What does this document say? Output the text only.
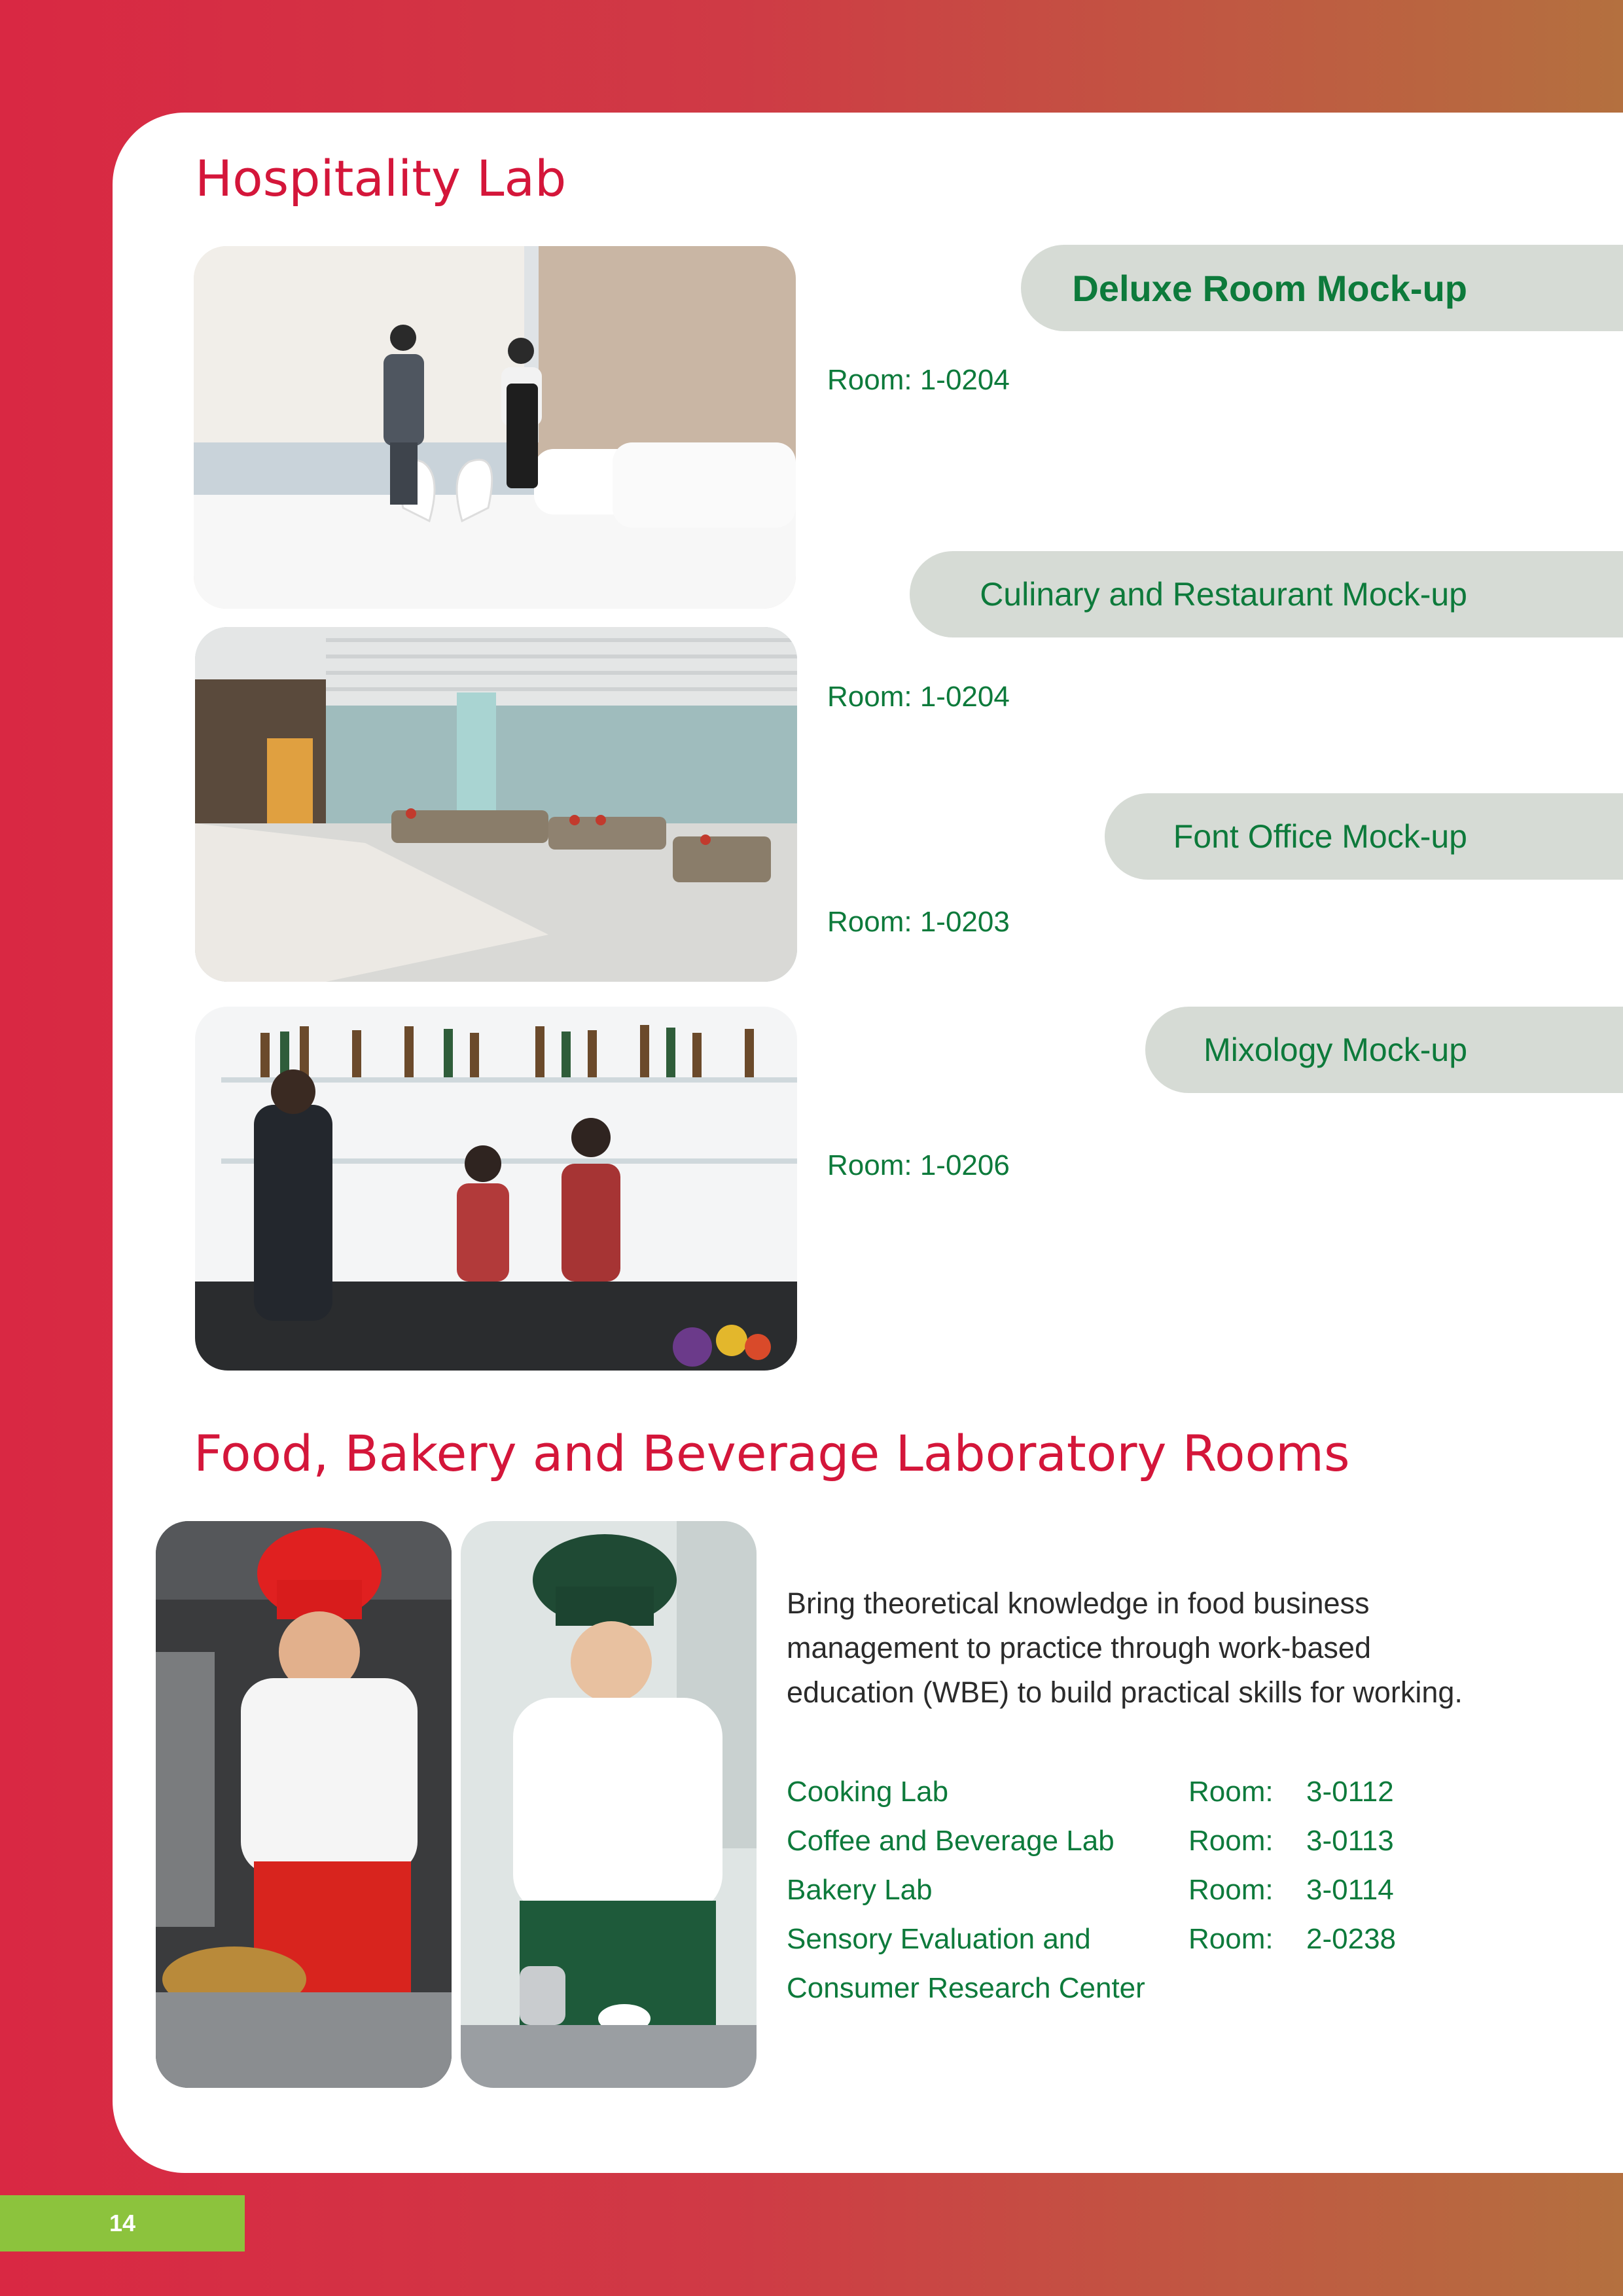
Hospitality Lab
Deluxe Room Mock-up
Room: 1-0204
Culinary and Restaurant Mock-up
Room: 1-0204
Font Office Mock-up
Room: 1-0203
Mixology Mock-up
Room: 1-0206
Food, Bakery and Beverage Laboratory Rooms

Bring theoretical knowledge in food business
management to practice through work-based
education (WBE) to build practical skills for working.

Cooking Lab	Room:	3-0112
Coffee and Beverage Lab	Room:	3-0113
Bakery Lab	Room:	3-0114
Sensory Evaluation and	Room:	2-0238
Consumer Research Center
14
